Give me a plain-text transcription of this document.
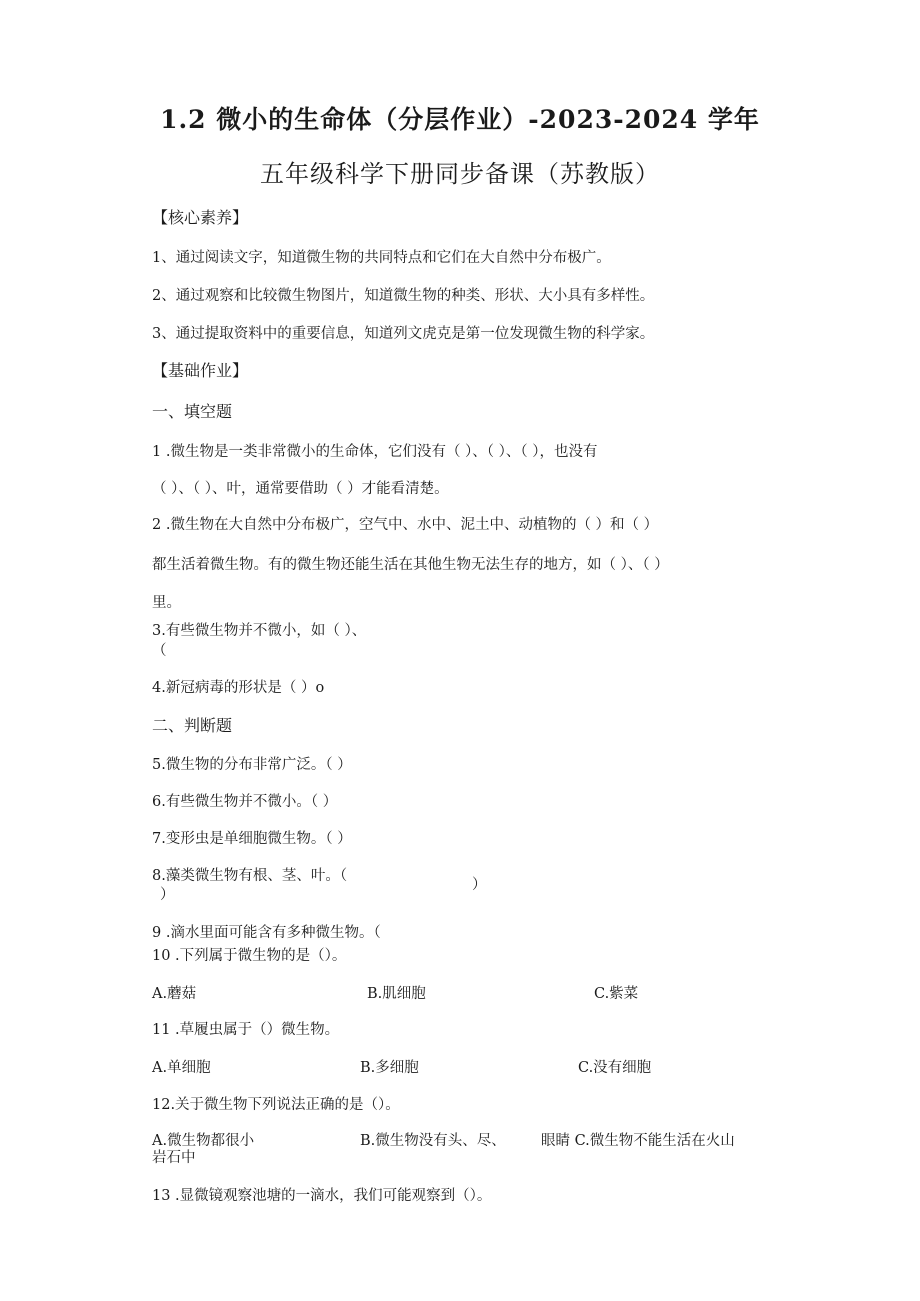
1.2 微小的生命体（分层作业）-2023-2024 学年
五年级科学下册同步备课（苏教版）
【核心素养】
1、通过阅读文字，知道微生物的共同特点和它们在大自然中分布极广。
2、通过观察和比较微生物图片，知道微生物的种类、形状、大小具有多样性。
3、通过提取资料中的重要信息，知道列文虎克是第一位发现微生物的科学家。
【基础作业】
一、填空题
1 .微生物是一类非常微小的生命体，它们没有（ ）、（ ）、（ ），也没有
（ ）、（ ）、叶，通常要借助（ ）才能看清楚。
2 .微生物在大自然中分布极广，空气中、水中、泥土中、动植物的（ ）和（ ）
都生活着微生物。有的微生物还能生活在其他生物无法生存的地方，如（ ）、（ ）
里。
3.有些微生物并不微小，如（ ）、
（
4.新冠病毒的形状是（ ）o
二、判断题
5.微生物的分布非常广泛。（ ）
6.有些微生物并不微小。（ ）
7.变形虫是单细胞微生物。（ ）
8.藻类微生物有根、茎、叶。（
）
）
9 .滴水里面可能含有多种微生物。（
10 .下列属于微生物的是（）。
A.蘑菇	B.肌细胞	C.紫菜
11 .草履虫属于（）微生物。
A.单细胞	B.多细胞	C.没有细胞
12.关于微生物下列说法正确的是（）。
A.微生物都很小	B.微生物没有头、尽、 眼睛 C.微生物不能生活在火山
岩石中
13 .显微镜观察池塘的一滴水，我们可能观察到（）。
